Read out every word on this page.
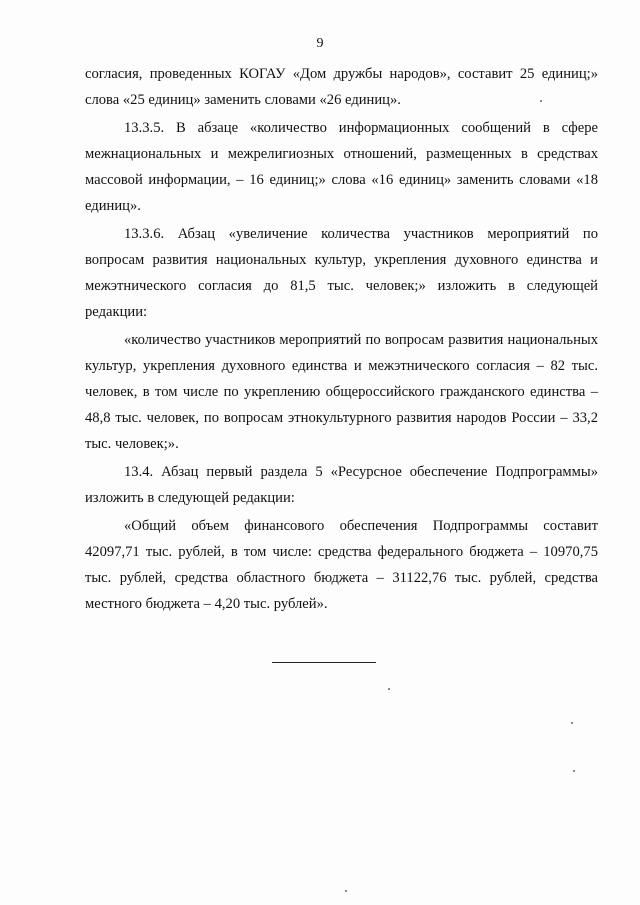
9

согласия, проведенных КОГАУ «Дом дружбы народов», составит 25 единиц;» слова «25 единиц» заменить словами «26 единиц».

13.3.5. В абзаце «количество информационных сообщений в сфере межнациональных и межрелигиозных отношений, размещенных в средствах массовой информации, – 16 единиц;» слова «16 единиц» заменить словами «18 единиц».

13.3.6. Абзац «увеличение количества участников мероприятий по вопросам развития национальных культур, укрепления духовного единства и межэтнического согласия до 81,5 тыс. человек;» изложить в следующей редакции:

«количество участников мероприятий по вопросам развития национальных культур, укрепления духовного единства и межэтнического согласия – 82 тыс. человек, в том числе по укреплению общероссийского гражданского единства – 48,8 тыс. человек, по вопросам этнокультурного развития народов России – 33,2 тыс. человек;».

13.4. Абзац первый раздела 5 «Ресурсное обеспечение Подпрограммы» изложить в следующей редакции:

«Общий объем финансового обеспечения Подпрограммы составит 42097,71 тыс. рублей, в том числе: средства федерального бюджета – 10970,75 тыс. рублей, средства областного бюджета – 31122,76 тыс. рублей, средства местного бюджета – 4,20 тыс. рублей».
